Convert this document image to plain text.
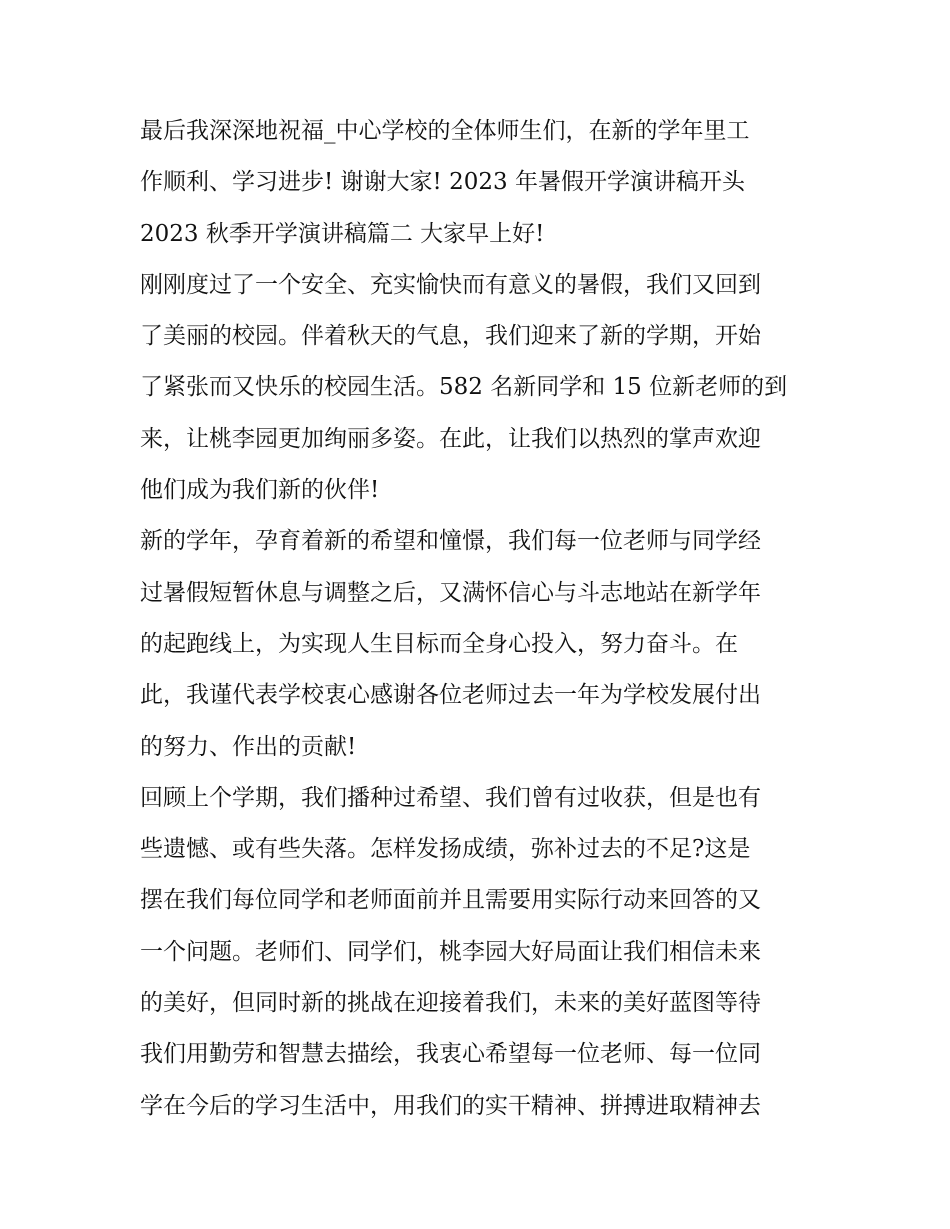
最后我深深地祝福_中心学校的全体师生们，在新的学年里工
作顺利、学习进步! 谢谢大家! 2023 年暑假开学演讲稿开头
2023 秋季开学演讲稿篇二 大家早上好!
刚刚度过了一个安全、充实愉快而有意义的暑假，我们又回到
了美丽的校园。伴着秋天的气息，我们迎来了新的学期，开始
了紧张而又快乐的校园生活。582 名新同学和 15 位新老师的到
来，让桃李园更加绚丽多姿。在此，让我们以热烈的掌声欢迎
他们成为我们新的伙伴!
新的学年，孕育着新的希望和憧憬，我们每一位老师与同学经
过暑假短暂休息与调整之后，又满怀信心与斗志地站在新学年
的起跑线上，为实现人生目标而全身心投入，努力奋斗。在
此，我谨代表学校衷心感谢各位老师过去一年为学校发展付出
的努力、作出的贡献!
回顾上个学期，我们播种过希望、我们曾有过收获，但是也有
些遗憾、或有些失落。怎样发扬成绩，弥补过去的不足?这是
摆在我们每位同学和老师面前并且需要用实际行动来回答的又
一个问题。老师们、同学们，桃李园大好局面让我们相信未来
的美好，但同时新的挑战在迎接着我们，未来的美好蓝图等待
我们用勤劳和智慧去描绘，我衷心希望每一位老师、每一位同
学在今后的学习生活中，用我们的实干精神、拼搏进取精神去
